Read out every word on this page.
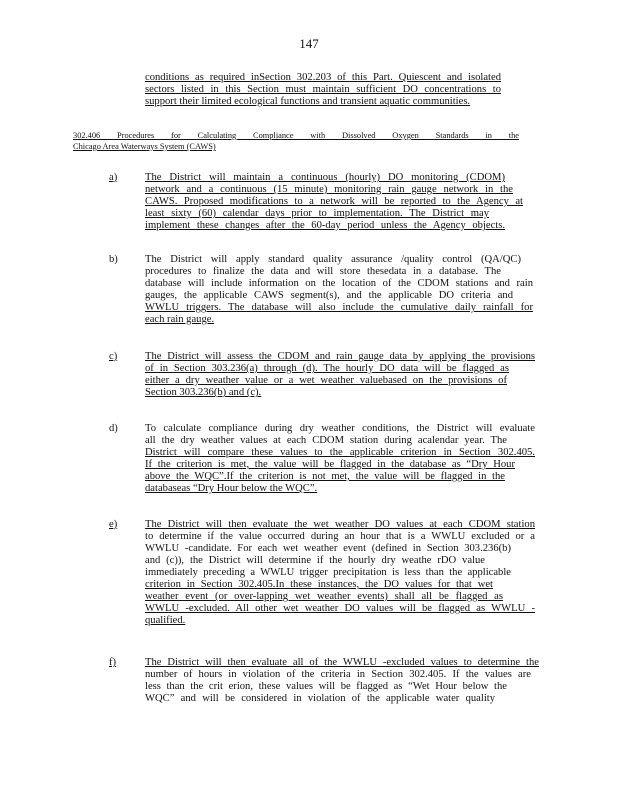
147
conditions as required inSection 302.203 of this Part. Quiescent and isolated
sectors listed in this Section must maintain sufficient DO concentrations to
support their limited ecological functions and transient aquatic communities.
302.406 Procedures for Calculating Compliance with Dissolved Oxygen Standards in the
Chicago Area Waterways System (CAWS)
a)	The District will maintain a continuous (hourly) DO monitoring (CDOM)
network and a continuous (15 minute) monitoring rain gauge network in the
CAWS. Proposed modifications to a network will be reported to the Agency at
least sixty (60) calendar days prior to implementation. The District may
implement these changes after the 60-day period unless the Agency objects.
b)	The District will apply standard quality assurance /quality control (QA/QC)
procedures to finalize the data and will store thesedata in a database. The
database will include information on the location of the CDOM stations and rain
gauges, the applicable CAWS segment(s), and the applicable DO criteria and
WWLU triggers. The database will also include the cumulative daily rainfall for
each rain gauge.
c)	The District will assess the CDOM and rain gauge data by applying the provisions
of in Section 303.236(a) through (d). The hourly DO data will be flagged as
either a dry weather value or a wet weather valuebased on the provisions of
Section 303.236(b) and (c).
d)	To calculate compliance during dry weather conditions, the District will evaluate
all the dry weather values at each CDOM station during acalendar year. The
District will compare these values to the applicable criterion in Section 302.405.
If the criterion is met, the value will be flagged in the database as “Dry Hour
above the WQC”.If the criterion is not met, the value will be flagged in the
databaseas “Dry Hour below the WQC”.
e)	The District will then evaluate the wet weather DO values at each CDOM station
to determine if the value occurred during an hour that is a WWLU excluded or a
WWLU -candidate. For each wet weather event (defined in Section 303.236(b)
and (c)), the District will determine if the hourly dry weathe rDO value
immediately preceding a WWLU trigger precipitation is less than the applicable
criterion in Section 302.405.In these instances, the DO values for that wet
weather event (or over-lapping wet weather events) shall all be flagged as
WWLU -excluded. All other wet weather DO values will be flagged as WWLU -
qualified.
f)	The District will then evaluate all of the WWLU -excluded values to determine the
number of hours in violation of the criteria in Section 302.405. If the values are
less than the crit erion, these values will be flagged as “Wet Hour below the
WQC” and will be considered in violation of the applicable water quality
